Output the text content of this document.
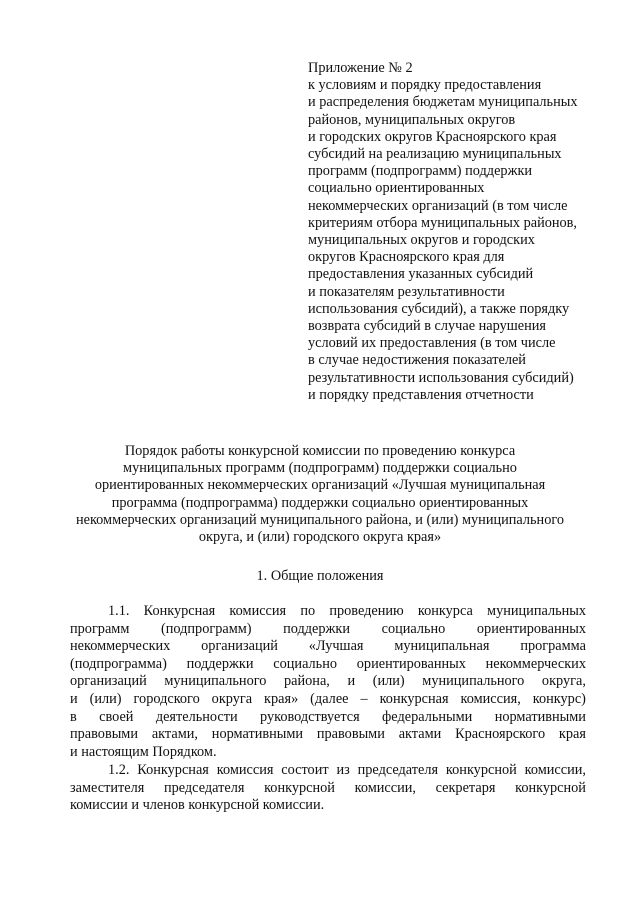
Приложение № 2
к условиям и порядку предоставления
и распределения бюджетам муниципальных
районов, муниципальных округов
и городских округов Красноярского края
субсидий на реализацию муниципальных
программ (подпрограмм) поддержки
социально ориентированных
некоммерческих организаций (в том числе
критериям отбора муниципальных районов,
муниципальных округов и городских
округов Красноярского края для
предоставления указанных субсидий
и показателям результативности
использования субсидий), а также порядку
возврата субсидий в случае нарушения
условий их предоставления (в том числе
в случае недостижения показателей
результативности использования субсидий)
и порядку представления отчетности
Порядок работы конкурсной комиссии по проведению конкурса
муниципальных программ (подпрограмм) поддержки социально
ориентированных некоммерческих организаций «Лучшая муниципальная
программа (подпрограмма) поддержки социально ориентированных
некоммерческих организаций муниципального района, и (или) муниципального
округа, и (или) городского округа края»
1. Общие положения
1.1. Конкурсная комиссия по проведению конкурса муниципальных
программ (подпрограмм) поддержки социально ориентированных
некоммерческих организаций «Лучшая муниципальная программа
(подпрограмма) поддержки социально ориентированных некоммерческих
организаций муниципального района, и (или) муниципального округа,
и (или) городского округа края» (далее – конкурсная комиссия, конкурс)
в своей деятельности руководствуется федеральными нормативными
правовыми актами, нормативными правовыми актами Красноярского края
и настоящим Порядком.
1.2. Конкурсная комиссия состоит из председателя конкурсной комиссии,
заместителя председателя конкурсной комиссии, секретаря конкурсной
комиссии и членов конкурсной комиссии.
